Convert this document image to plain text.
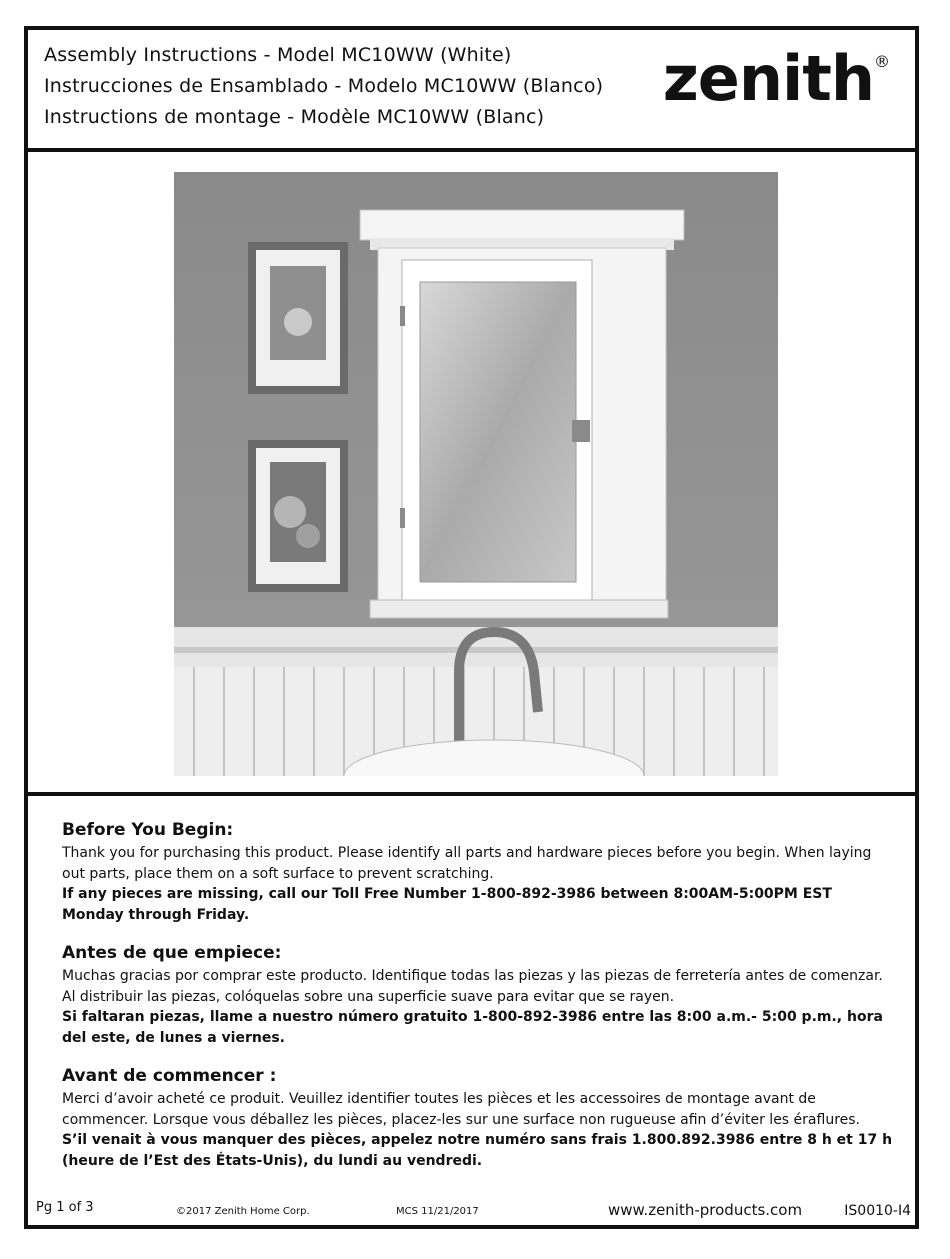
Assembly Instructions - Model MC10WW (White)
Instrucciones de Ensamblado - Modelo MC10WW (Blanco)
Instructions de montage - Modèle MC10WW (Blanc)
zenith®
Before You Begin:

Thank you for purchasing this product. Please identify all parts and hardware pieces before you begin. When laying out parts, place them on a soft surface to prevent scratching.

If any pieces are missing, call our Toll Free Number 1-800-892-3986 between 8:00AM-5:00PM EST Monday through Friday.

Antes de que empiece:

Muchas gracias por comprar este producto. Identifique todas las piezas y las piezas de ferretería antes de comenzar. Al distribuir las piezas, colóquelas sobre una superficie suave para evitar que se rayen.

Si faltaran piezas, llame a nuestro número gratuito 1-800-892-3986 entre las 8:00 a.m.- 5:00 p.m., hora del este, de lunes a viernes.

Avant de commencer :

Merci d’avoir acheté ce produit. Veuillez identifier toutes les pièces et les accessoires de montage avant de commencer. Lorsque vous déballez les pièces, placez-les sur une surface non rugueuse afin d’éviter les éraflures.

S’il venait à vous manquer des pièces, appelez notre numéro sans frais 1.800.892.3986 entre 8 h et 17 h (heure de l’Est des États-Unis), du lundi au vendredi.

Pg 1 of 3	©2017 Zenith Home Corp.	MCS 11/21/2017	www.zenith-products.com	IS0010-I4
